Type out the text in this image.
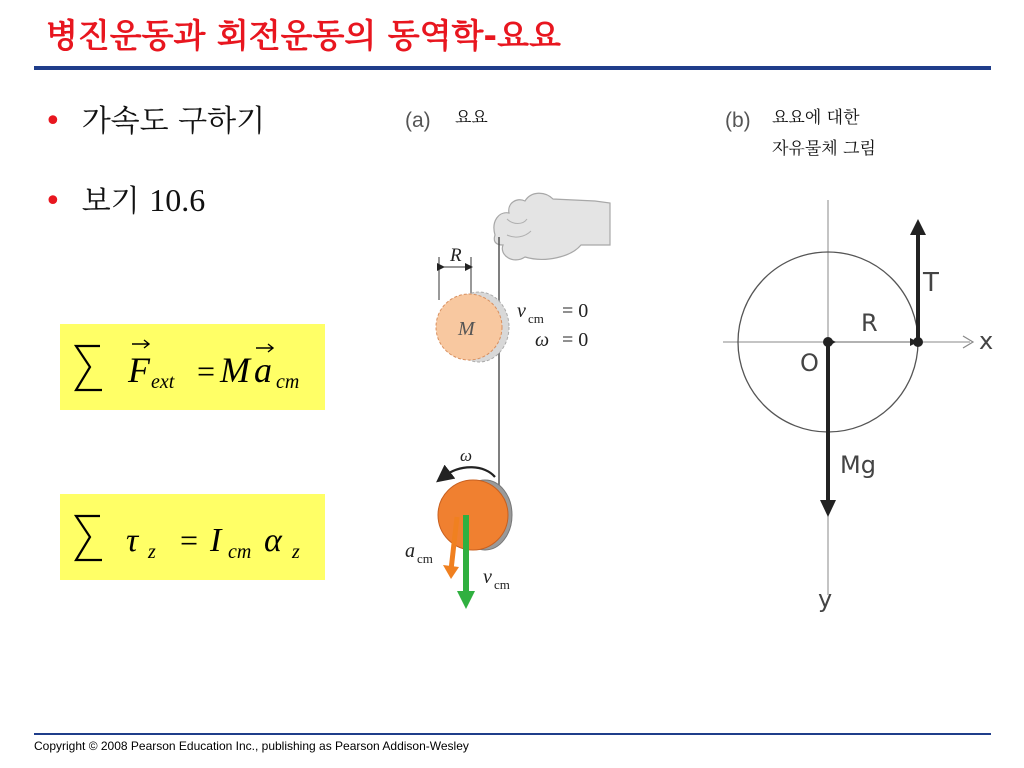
병진운동과 회전운동의 동역학-요요
• 가속도 구하기
• 보기 10.6
F ext = M a cm
τ z = I cm α z
(a) 요요
R
M
v cm = 0
ω = 0
ω
a cm
v cm
(b) 요요에 대한
자유물체 그림
T
R
O
x
Mg
y
Copyright © 2008 Pearson Education Inc., publishing as Pearson Addison-Wesley
